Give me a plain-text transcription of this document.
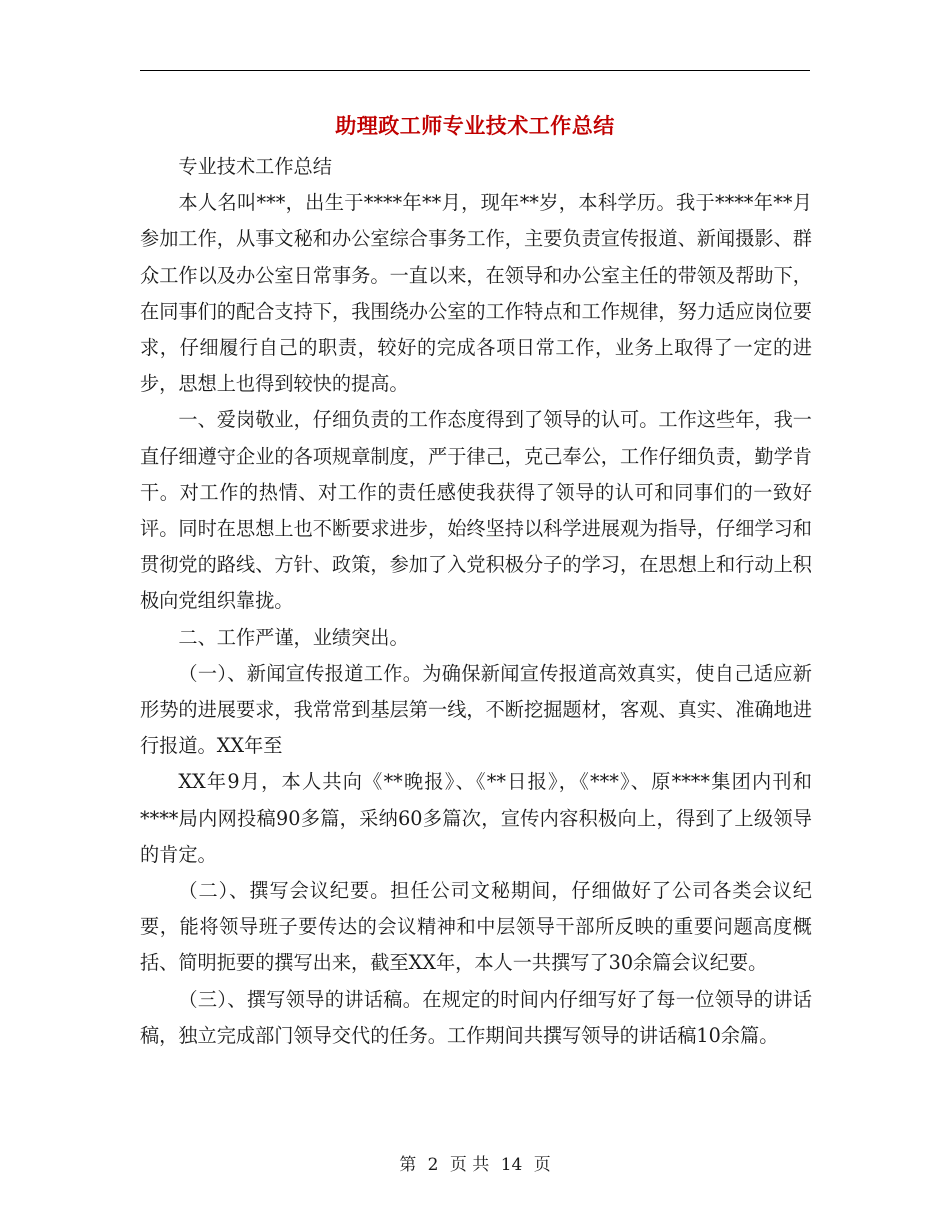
助理政工师专业技术工作总结

专业技术工作总结

本人名叫***，出生于****年**月，现年**岁，本科学历。我于****年**月参加工作，从事文秘和办公室综合事务工作，主要负责宣传报道、新闻摄影、群众工作以及办公室日常事务。一直以来，在领导和办公室主任的带领及帮助下，在同事们的配合支持下，我围绕办公室的工作特点和工作规律，努力适应岗位要求，仔细履行自己的职责，较好的完成各项日常工作，业务上取得了一定的进步，思想上也得到较快的提高。

一、爱岗敬业，仔细负责的工作态度得到了领导的认可。工作这些年，我一直仔细遵守企业的各项规章制度，严于律己，克己奉公，工作仔细负责，勤学肯干。对工作的热情、对工作的责任感使我获得了领导的认可和同事们的一致好评。同时在思想上也不断要求进步，始终坚持以科学进展观为指导，仔细学习和贯彻党的路线、方针、政策，参加了入党积极分子的学习，在思想上和行动上积极向党组织靠拢。

二、工作严谨，业绩突出。

（一）、新闻宣传报道工作。为确保新闻宣传报道高效真实，使自己适应新形势的进展要求，我常常到基层第一线，不断挖掘题材，客观、真实、准确地进行报道。XX年至

XX年9月，本人共向《**晚报》、《**日报》，《***》、原****集团内刊和****局内网投稿90多篇，采纳60多篇次，宣传内容积极向上，得到了上级领导的肯定。

（二）、撰写会议纪要。担任公司文秘期间，仔细做好了公司各类会议纪要，能将领导班子要传达的会议精神和中层领导干部所反映的重要问题高度概括、简明扼要的撰写出来，截至XX年，本人一共撰写了30余篇会议纪要。

（三）、撰写领导的讲话稿。在规定的时间内仔细写好了每一位领导的讲话稿，独立完成部门领导交代的任务。工作期间共撰写领导的讲话稿10余篇。

第 2 页 共 14 页
